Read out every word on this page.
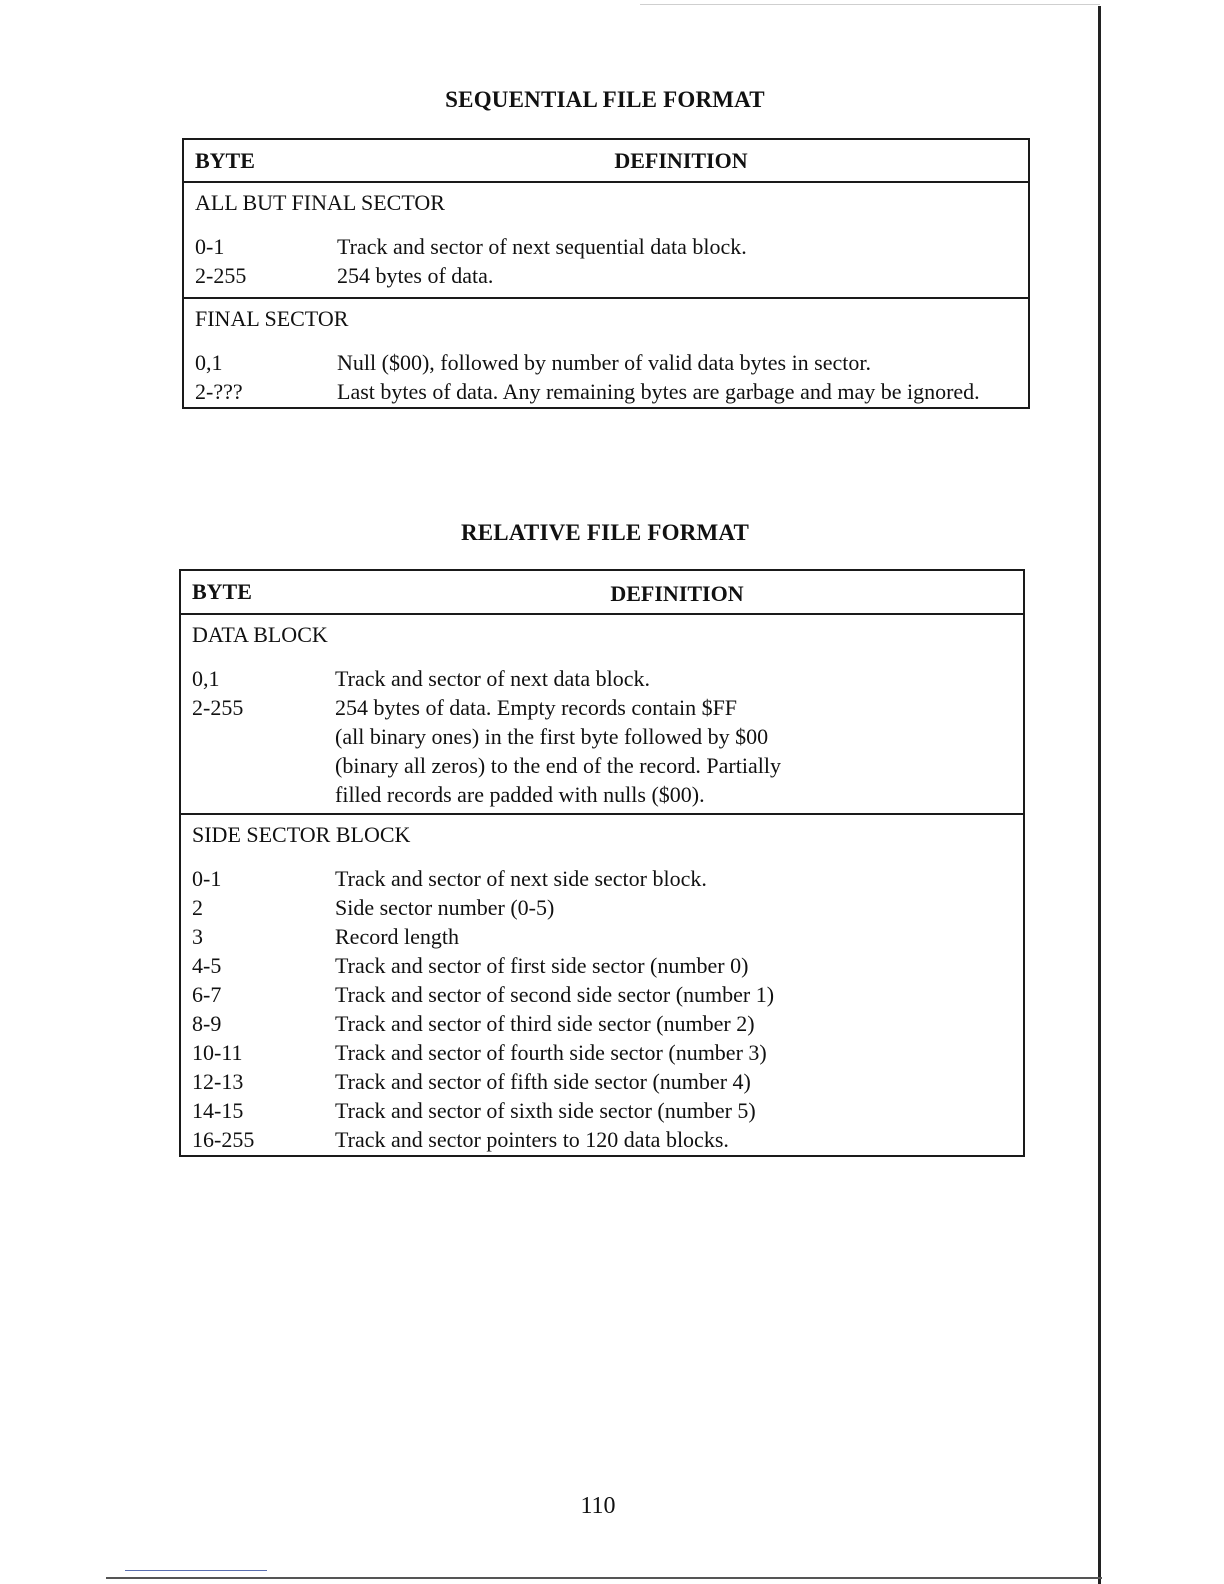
SEQUENTIAL FILE FORMAT
BYTE	DEFINITION
ALL BUT FINAL SECTOR
0-1	Track and sector of next sequential data block.
2-255	254 bytes of data.
FINAL SECTOR
0,1	Null ($00), followed by number of valid data bytes in sector.
2-???	Last bytes of data. Any remaining bytes are garbage and may be ignored.
RELATIVE FILE FORMAT
BYTE	DEFINITION
DATA BLOCK
0,1	Track and sector of next data block.
2-255	254 bytes of data. Empty records contain $FF
(all binary ones) in the first byte followed by $00
(binary all zeros) to the end of the record. Partially
filled records are padded with nulls ($00).
SIDE SECTOR BLOCK
0-1	Track and sector of next side sector block.
2	Side sector number (0-5)
3	Record length
4-5	Track and sector of first side sector (number 0)
6-7	Track and sector of second side sector (number 1)
8-9	Track and sector of third side sector (number 2)
10-11	Track and sector of fourth side sector (number 3)
12-13	Track and sector of fifth side sector (number 4)
14-15	Track and sector of sixth side sector (number 5)
16-255	Track and sector pointers to 120 data blocks.
110
